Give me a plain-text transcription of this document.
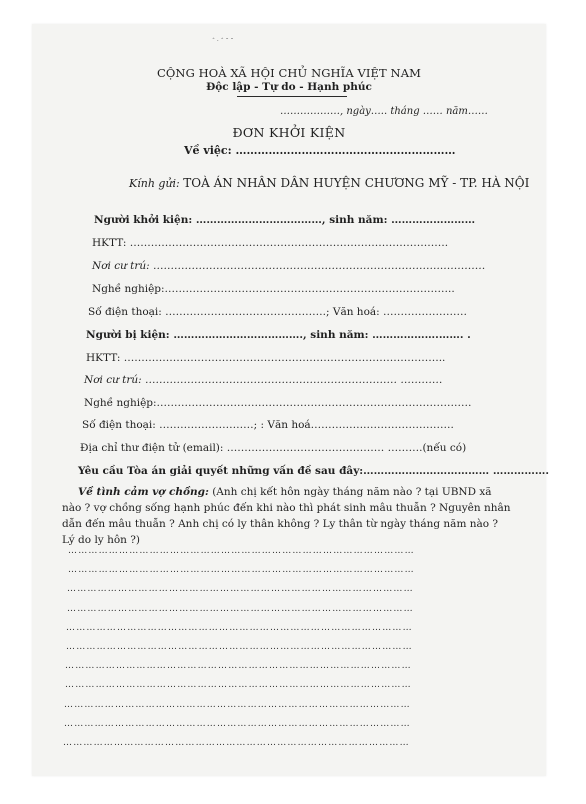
ˆ · ˆ ˜ ˜
CỘNG HOÀ XÃ HỘI CHỦ NGHĨA VIỆT NAM
Độc lập - Tự do - Hạnh phúc
………………, ngày….. tháng …… năm……
ĐƠN KHỞI KIỆN
Về việc: ……………………………………………………
Kính gửi: TOÀ ÁN NHÂN DÂN HUYỆN CHƯƠNG MỸ - TP. HÀ NỘI
Người khởi kiện: ………………………………, sinh năm: ……………………
HKTT: ……………………………………………………………………………….
Nơi cư trú: ………………………………………………………………………..…………
Nghề nghiệp:………………………………………………………………………..
Số điện thoại: ……………………………………….; Văn hoá: ……………………
Người bị kiện: ………………………………., sinh năm: ……………….……. .
HKTT: ………………………………………………………………………………..
Nơi cư trú: ……………………………………………………………… …………
Nghề nghiệp:………………………………………………………………………………
Số điện thoại: ………………………; : Văn hoá…………….…………………….
Địa chỉ thư điện tử (email): ……………………………………… ……….(nếu có)
Yêu cầu Tòa án giải quyết những vấn đề sau đây:……………………………… …………….
Về tình cảm vợ chồng: (Anh chị kết hôn ngày tháng năm nào ? tại UBND xã nào ? vợ chồng sống hạnh phúc đến khi nào thì phát sinh mâu thuẫn ? Nguyên nhân dẫn đến mâu thuẫn ? Anh chị có ly thân không ? Ly thân từ ngày tháng năm nào ? Lý do ly hôn ?)
…………………………………………………………………………………………
…………………………………………………………………………………………
…………………………………………………………………………………………
…………………………………………………………………………………………
…………………………………………………………………………………………
…………………………………………………………………………………………
…………………………………………………………………………………………
…………………………………………………………………………………………
…………………………………………………………………………………………
…………………………………………………………………………………………
…………………………………………………………………………………………
